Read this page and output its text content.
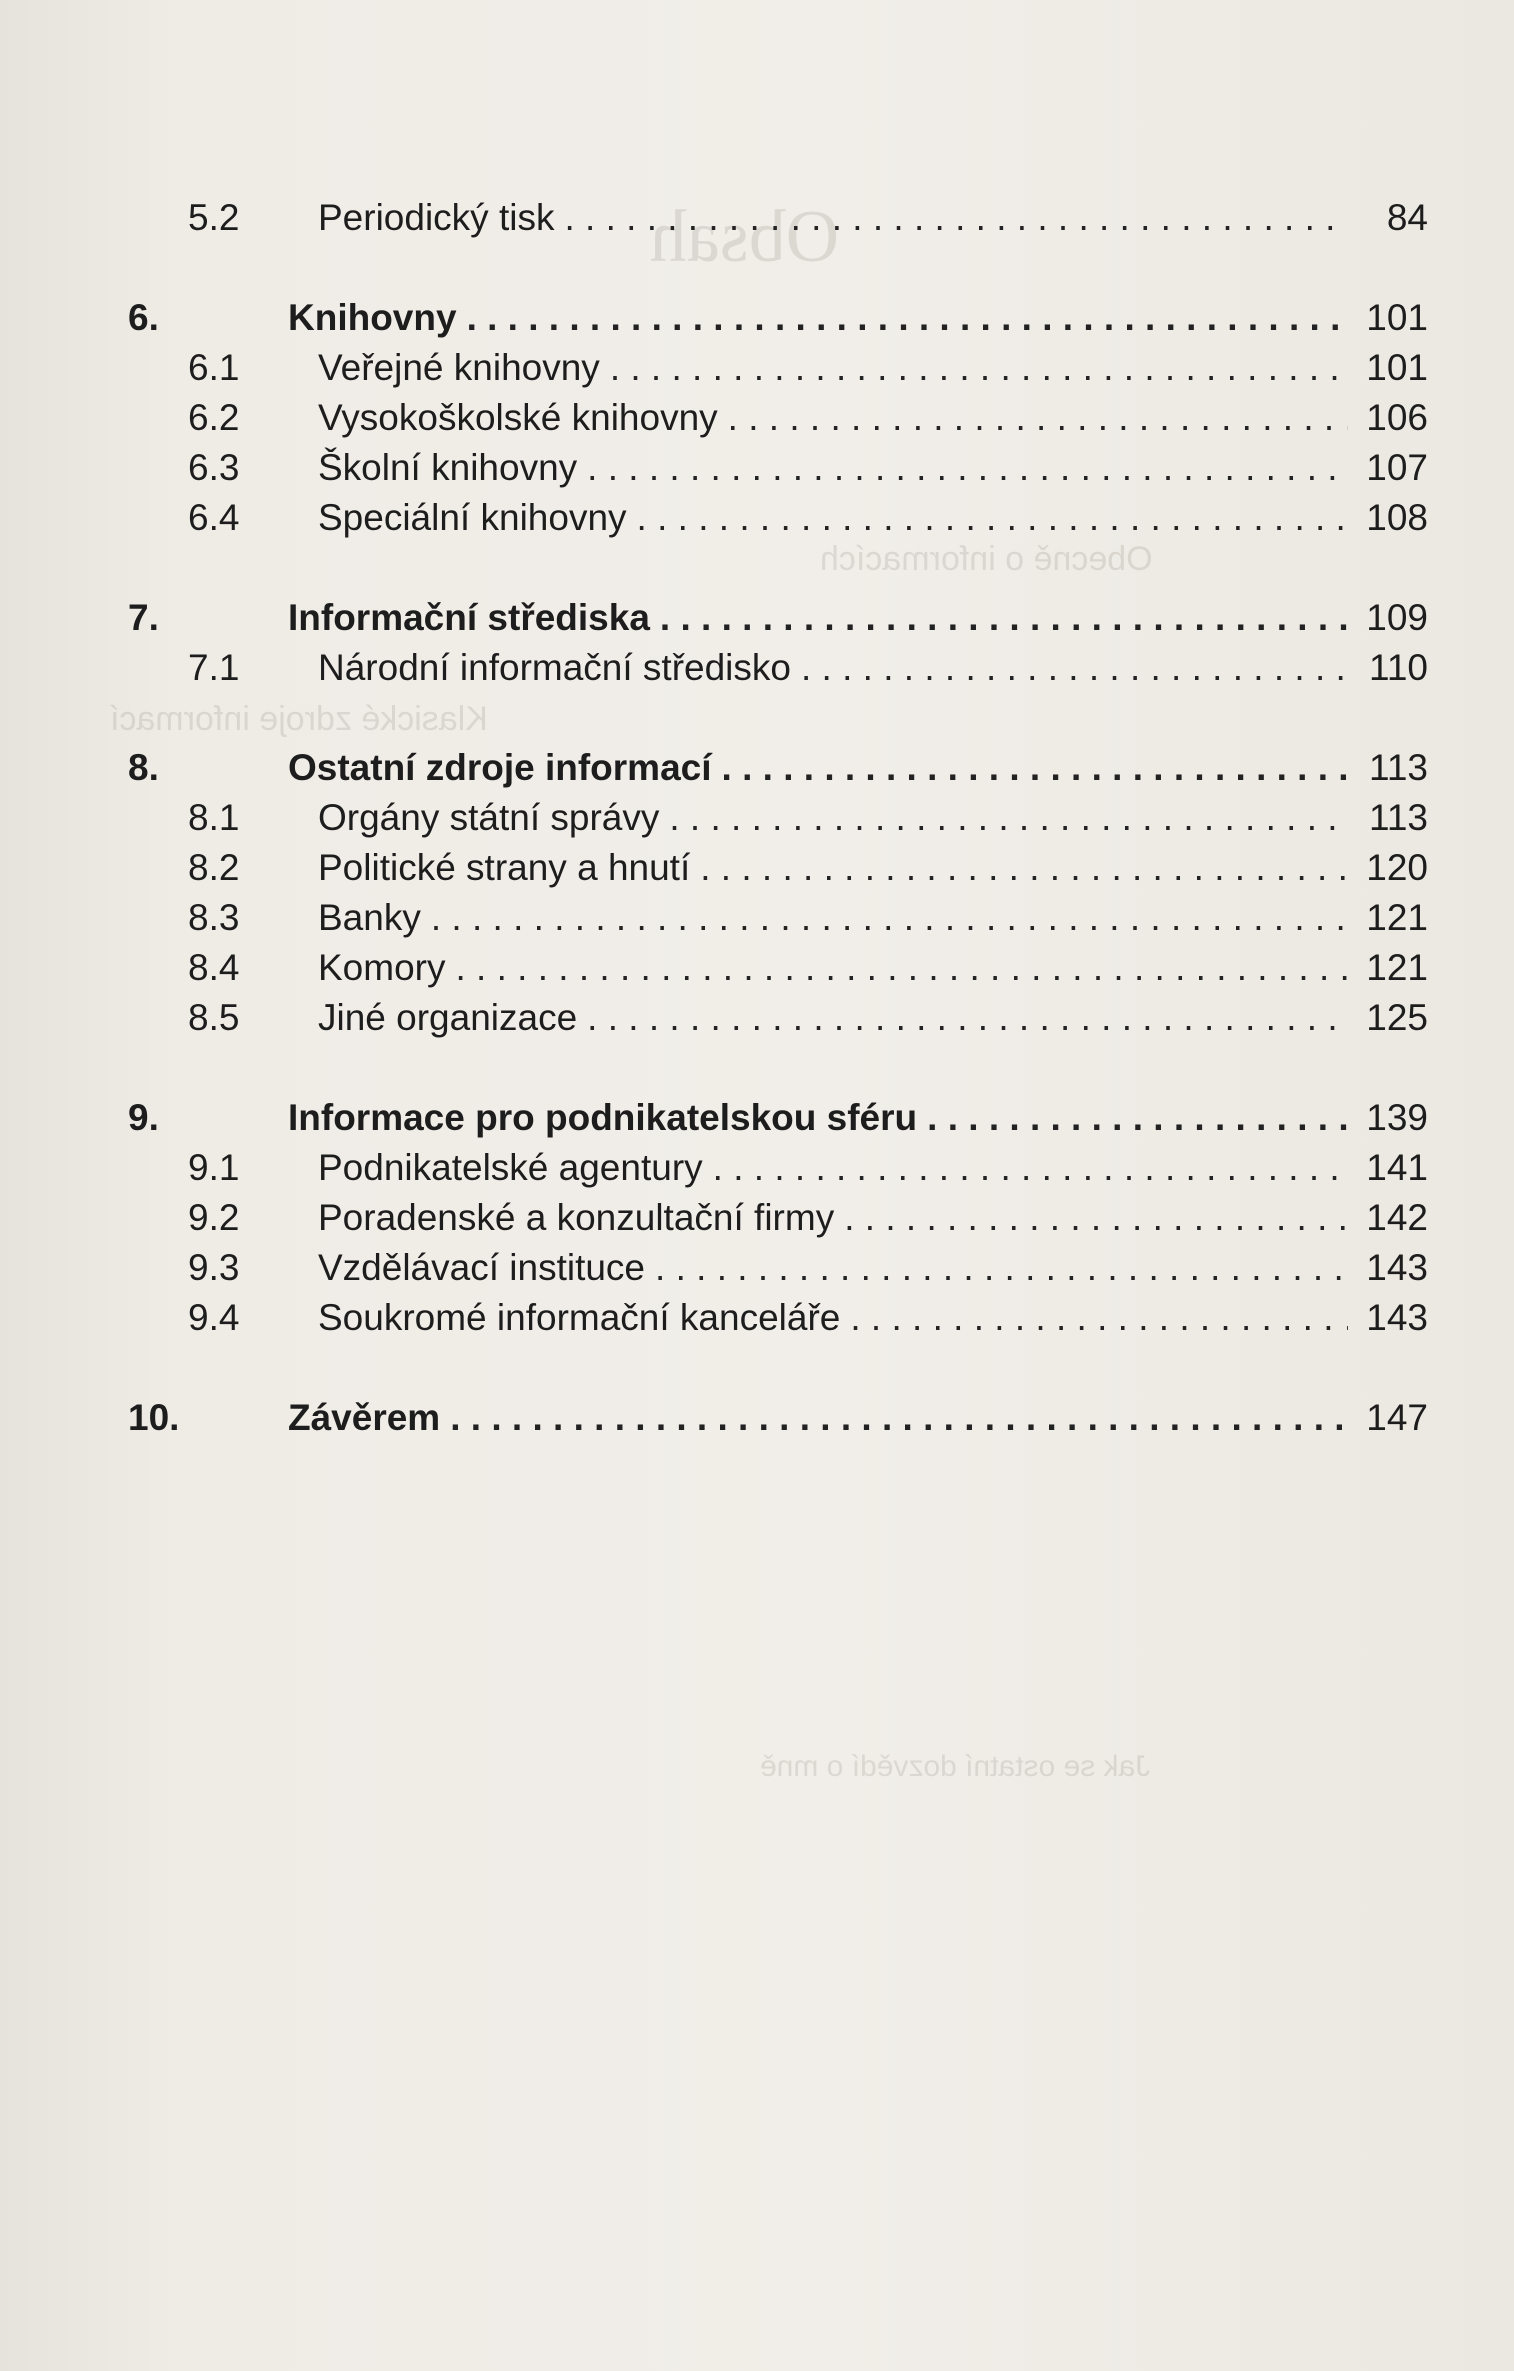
Obsah
Obecně o informacích
Jak se ostatní dozvědí o mně
Klasické zdroje informací
5.2	Periodický tisk . . .	84
6.	Knihovny . . .	101
6.1	Veřejné knihovny . . .	101
6.2	Vysokoškolské knihovny . . .	106
6.3	Školní knihovny . . .	107
6.4	Speciální knihovny . . .	108
7.	Informační střediska . . .	109
7.1	Národní informační středisko . . .	110
8.	Ostatní zdroje informací . . .	113
8.1	Orgány státní správy . . .	113
8.2	Politické strany a hnutí . . .	120
8.3	Banky . . .	121
8.4	Komory . . .	121
8.5	Jiné organizace . . .	125
9.	Informace pro podnikatelskou sféru . . .	139
9.1	Podnikatelské agentury . . .	141
9.2	Poradenské a konzultační firmy . . .	142
9.3	Vzdělávací instituce . . .	143
9.4	Soukromé informační kanceláře . . .	143
10.	Závěrem . . .	147
